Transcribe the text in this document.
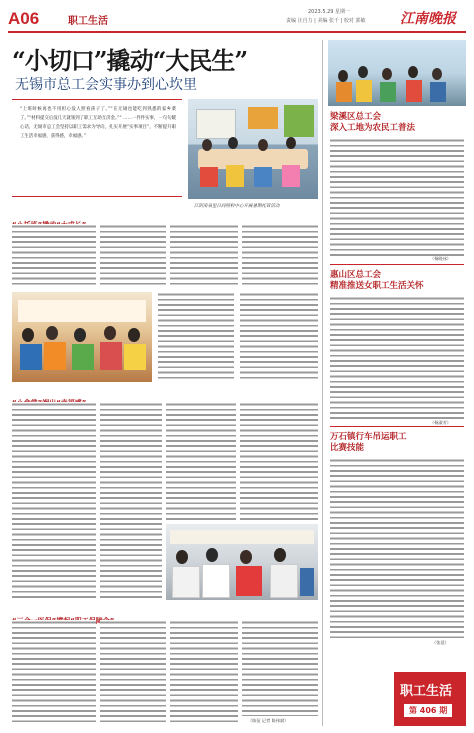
A06	职工生活
2023.5.29 星期一
责编 汪自力 | 美编 张千 | 校对 郭敏 江南晚报
“小切口”撬动“大民生”
无锡市总工会实事办到心坎里
“上班时候再也不用担心没人照看孩子了。”“在无锡也能吃到熟悉的家乡菜了。”“材料提交后没几天就领到了职工互助互济金。”“ ……一件件实事，一句句暖心话，无锡市总工会坚持以职工需求为导向，扎实开展“实事项目”，不断提升职工生活幸福感，获得感，幸福感。”
江阴南泉里日间照料中心开展暑期托管活动
（陈征 记者 陈伟斌）
梁溪区总工会
深入工地为农民工普法
（杨晓冰）
惠山区总工会
精准推送女职工生活关怀
（杨淑芳）
万石镇行车吊运职工
比赛技能
（张延）
职工生活
第 406 期
